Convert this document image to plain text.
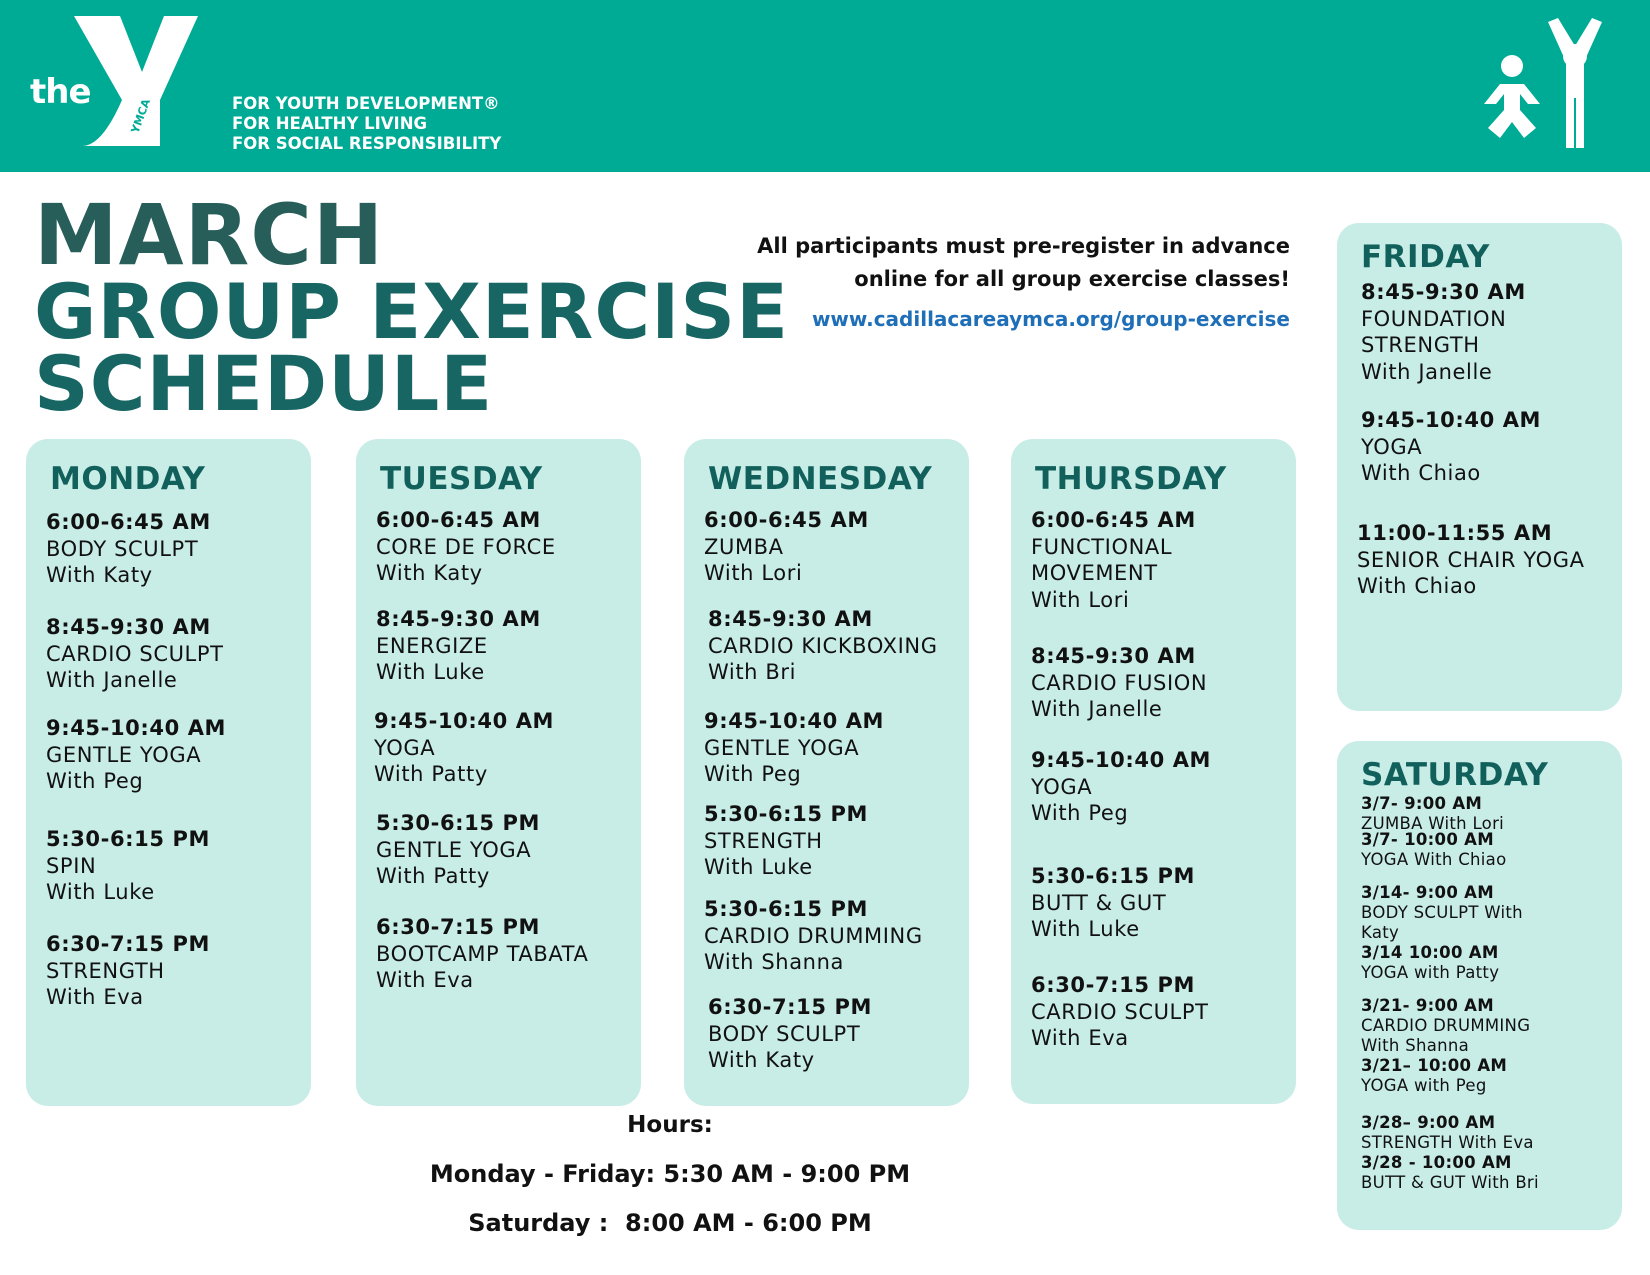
the
YMCA	FOR YOUTH DEVELOPMENT®
FOR HEALTHY LIVING
FOR SOCIAL RESPONSIBILITY
MARCH
GROUP EXERCISE
SCHEDULE
All participants must pre-register in advance
online for all group exercise classes!
www.cadillacareaymca.org/group-exercise
MONDAY
6:00-6:45 AM
BODY SCULPT
With Katy
8:45-9:30 AM
CARDIO SCULPT
With Janelle
9:45-10:40 AM
GENTLE YOGA
With Peg
5:30-6:15 PM
SPIN
With Luke
6:30-7:15 PM
STRENGTH
With Eva
TUESDAY
6:00-6:45 AM
CORE DE FORCE
With Katy
8:45-9:30 AM
ENERGIZE
With Luke
9:45-10:40 AM
YOGA
With Patty
5:30-6:15 PM
GENTLE YOGA
With Patty
6:30-7:15 PM
BOOTCAMP TABATA
With Eva
WEDNESDAY
6:00-6:45 AM
ZUMBA
With Lori
8:45-9:30 AM
CARDIO KICKBOXING
With Bri
9:45-10:40 AM
GENTLE YOGA
With Peg
5:30-6:15 PM
STRENGTH
With Luke
5:30-6:15 PM
CARDIO DRUMMING
With Shanna
6:30-7:15 PM
BODY SCULPT
With Katy
THURSDAY
6:00-6:45 AM
FUNCTIONAL
MOVEMENT
With Lori
8:45-9:30 AM
CARDIO FUSION
With Janelle
9:45-10:40 AM
YOGA
With Peg
5:30-6:15 PM
BUTT & GUT
With Luke
6:30-7:15 PM
CARDIO SCULPT
With Eva
FRIDAY
8:45-9:30 AM
FOUNDATION
STRENGTH
With Janelle
9:45-10:40 AM
YOGA
With Chiao
11:00-11:55 AM
SENIOR CHAIR YOGA
With Chiao
SATURDAY
3/7- 9:00 AM
ZUMBA With Lori
3/7- 10:00 AM
YOGA With Chiao
3/14- 9:00 AM
BODY SCULPT With
Katy
3/14 10:00 AM
YOGA with Patty
3/21- 9:00 AM
CARDIO DRUMMING
With Shanna
3/21– 10:00 AM
YOGA with Peg
3/28– 9:00 AM
STRENGTH With Eva
3/28 - 10:00 AM
BUTT & GUT With Bri
Hours:
Monday - Friday: 5:30 AM - 9:00 PM
Saturday :  8:00 AM - 6:00 PM
